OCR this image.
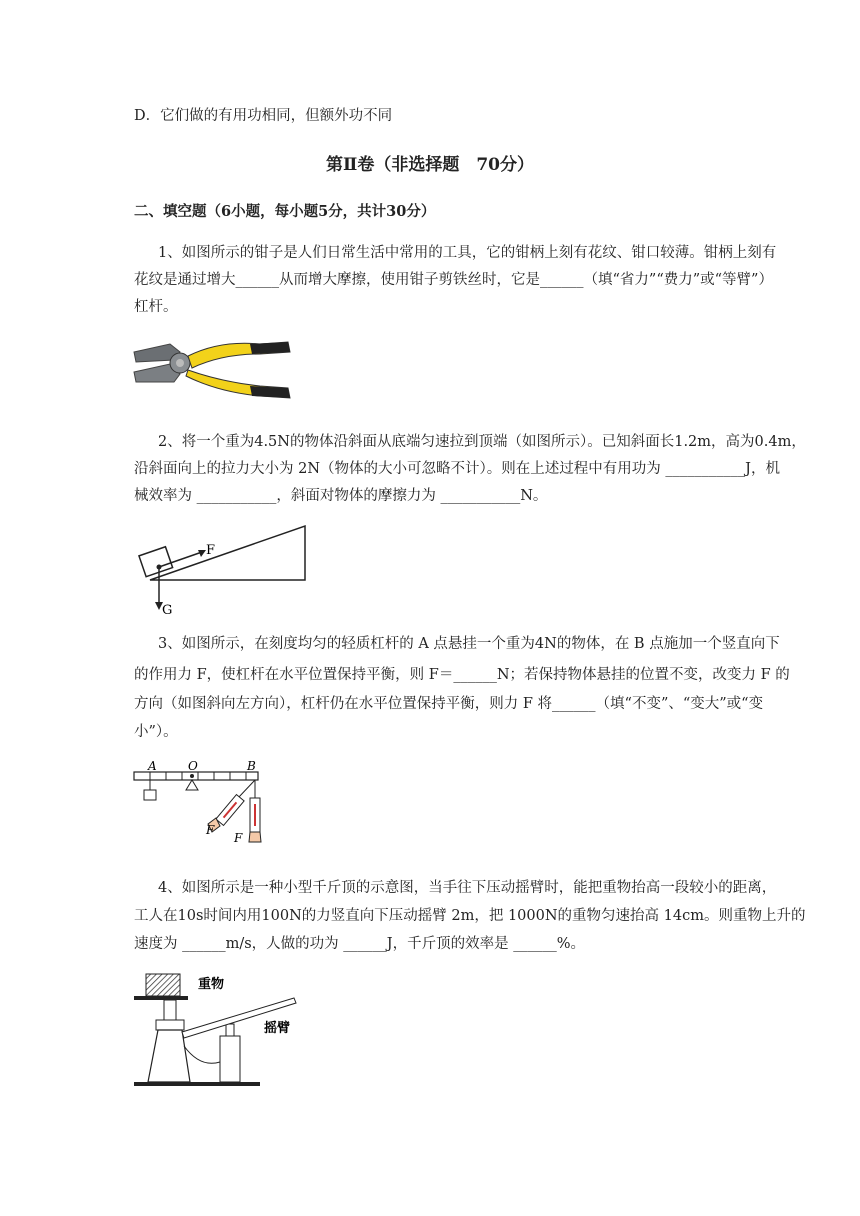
D．它们做的有用功相同，但额外功不同
第Ⅱ卷（非选择题　70分）
二、填空题（6小题，每小题5分，共计30分）
1、如图所示的钳子是人们日常生活中常用的工具，它的钳柄上刻有花纹、钳口较薄。钳柄上刻有
花纹是通过增大______从而增大摩擦，使用钳子剪铁丝时，它是______（填“省力”“费力”或“等臂”）
杠杆。
2、将一个重为4.5N的物体沿斜面从底端匀速拉到顶端（如图所示）。已知斜面长1.2m，高为0.4m，
沿斜面向上的拉力大小为 2N（物体的大小可忽略不计）。则在上述过程中有用功为 ___________J，机
械效率为 ___________，斜面对物体的摩擦力为 ___________N。
F
G
3、如图所示，在刻度均匀的轻质杠杆的 A 点悬挂一个重为4N的物体，在 B 点施加一个竖直向下
的作用力 F，使杠杆在水平位置保持平衡，则 F＝______N；若保持物体悬挂的位置不变，改变力 F 的
方向（如图斜向左方向），杠杆仍在水平位置保持平衡，则力 F 将______（填“不变”、“变大”或“变
小”）。
A	O	B
F
F
4、如图所示是一种小型千斤顶的示意图，当手往下压动摇臂时，能把重物抬高一段较小的距离，
工人在10s时间内用100N的力竖直向下压动摇臂 2m，把 1000N的重物匀速抬高 14cm。则重物上升的
速度为 ______m/s，人做的功为 ______J，千斤顶的效率是 ______%。
重物
摇臂
